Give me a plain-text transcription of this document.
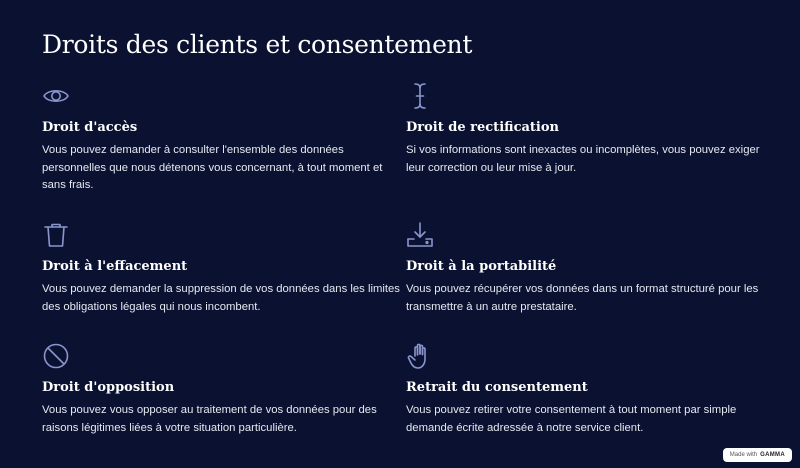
Droits des clients et consentement
Droit d'accès
Vous pouvez demander à consulter l'ensemble des données personnelles que nous détenons vous concernant, à tout moment et sans frais.
Droit de rectification
Si vos informations sont inexactes ou incomplètes, vous pouvez exiger leur correction ou leur mise à jour.
Droit à l'effacement
Vous pouvez demander la suppression de vos données dans les limites des obligations légales qui nous incombent.
Droit à la portabilité
Vous pouvez récupérer vos données dans un format structuré pour les transmettre à un autre prestataire.
Droit d'opposition
Vous pouvez vous opposer au traitement de vos données pour des raisons légitimes liées à votre situation particulière.
Retrait du consentement
Vous pouvez retirer votre consentement à tout moment par simple demande écrite adressée à notre service client.
Made with GAMMA
